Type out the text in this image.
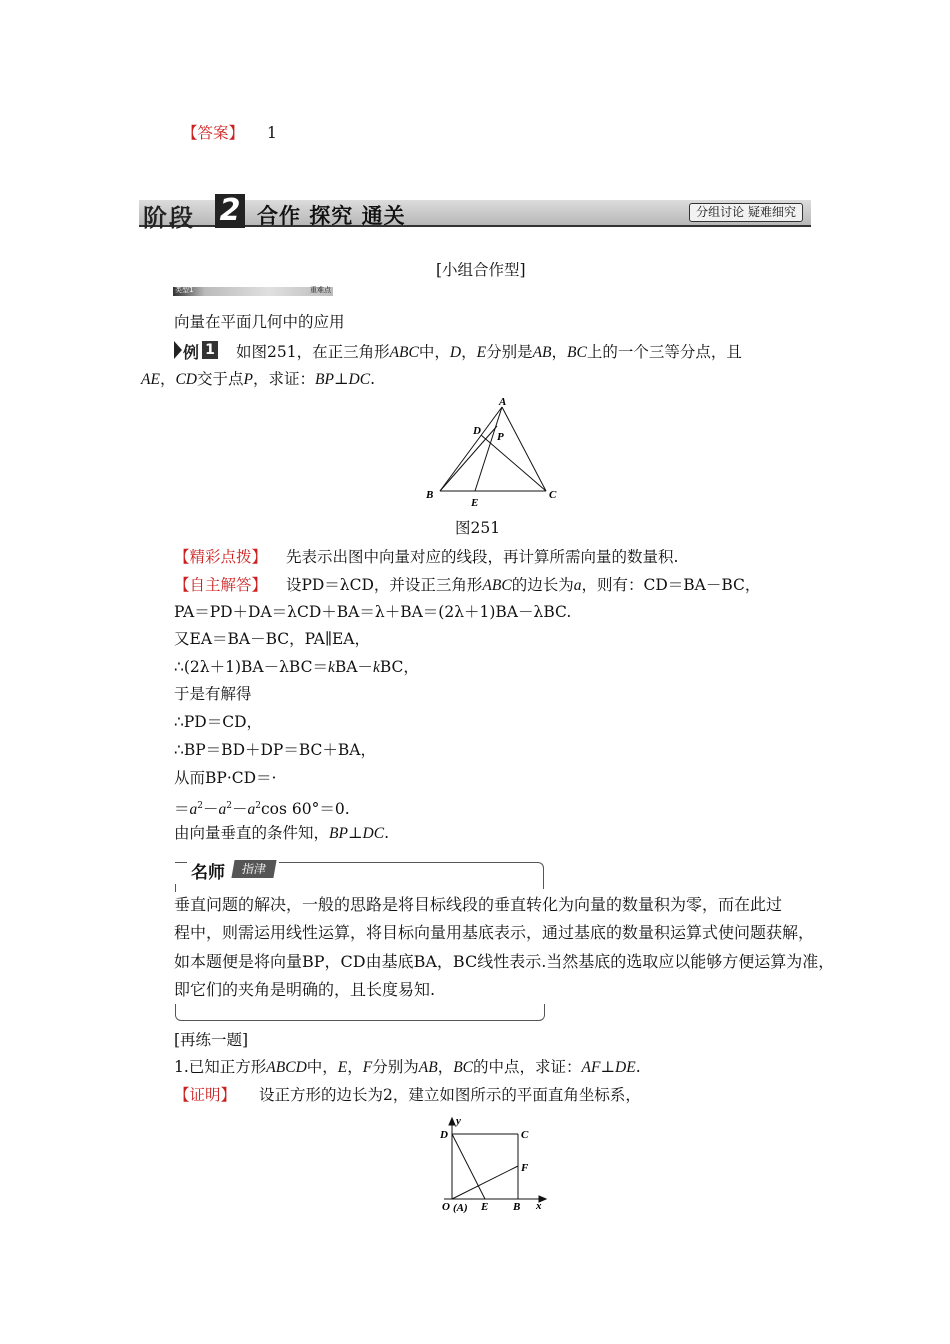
【答案】 1
阶段 2 合作 探究 通关	分组讨论 疑难细究
[小组合作型]
类型1	重难点
向量在平面几何中的应用
例 1 如图251，在正三角形ABC中，D，E分别是AB，BC上的一个三等分点，且
AE，CD交于点P，求证：BP⊥DC.
A
B	C
D
E
P
图251
【精彩点拨】 先表示出图中向量对应的线段，再计算所需向量的数量积.
【自主解答】 设PD＝λCD，并设正三角形ABC的边长为a，则有：CD＝BA－BC，
PA＝PD＋DA＝λCD＋BA＝λ＋BA＝(2λ＋1)BA－λBC.
又EA＝BA－BC，PA∥EA，
∴(2λ＋1)BA－λBC＝kBA－kBC，
于是有解得
∴PD＝CD，
∴BP＝BD＋DP＝BC＋BA，
从而BP·CD＝·
$=a^2-a^2-a^2\cos$ 60°＝0.
由向量垂直的条件知，BP⊥DC.
名师	指津
垂直问题的解决，一般的思路是将目标线段的垂直转化为向量的数量积为零，而在此过
程中，则需运用线性运算，将目标向量用基底表示，通过基底的数量积运算式使问题获解，
如本题便是将向量BP，CD由基底BA，BC线性表示.当然基底的选取应以能够方便运算为准，
即它们的夹角是明确的，且长度易知.
[再练一题]
1.已知正方形ABCD中，E，F分别为AB，BC的中点，求证：AF⊥DE.
【证明】 设正方形的边长为2，建立如图所示的平面直角坐标系，
y
D	C
F
O (A) E B x
